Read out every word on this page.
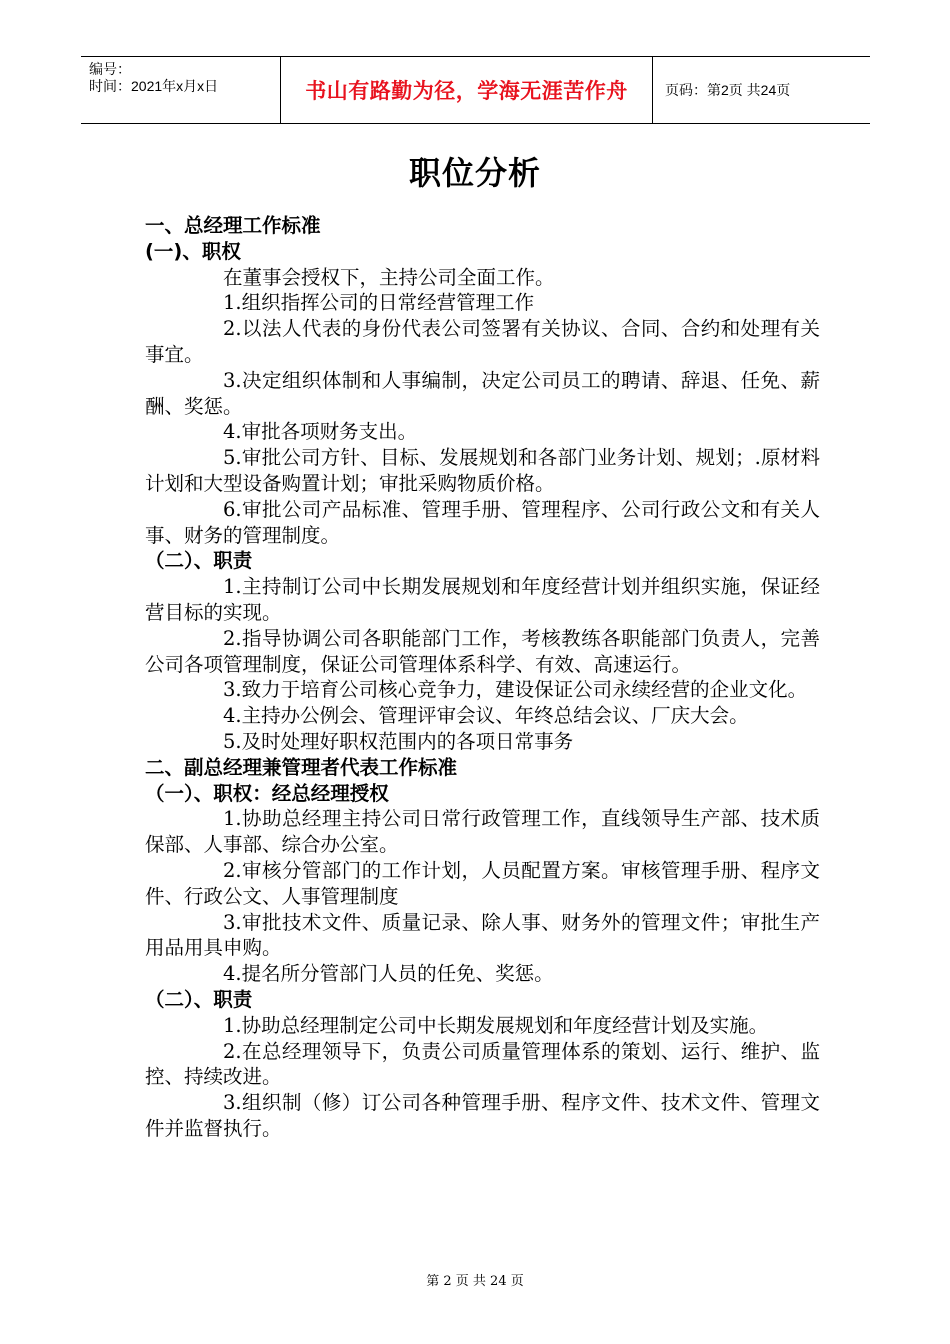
编号：
时间：2021年x月x日	书山有路勤为径，学海无涯苦作舟	页码：第2页 共24页
职位分析

一、总经理工作标准

(一)、职权

在董事会授权下，主持公司全面工作。

1.组织指挥公司的日常经营管理工作

2.以法人代表的身份代表公司签署有关协议、合同、合约和处理有关事宜。

3.决定组织体制和人事编制，决定公司员工的聘请、辞退、任免、薪酬、奖惩。

4.审批各项财务支出。

5.审批公司方针、目标、发展规划和各部门业务计划、规划；.原材料计划和大型设备购置计划；审批采购物质价格。

6.审批公司产品标准、管理手册、管理程序、公司行政公文和有关人事、财务的管理制度。

（二）、职责

1.主持制订公司中长期发展规划和年度经营计划并组织实施，保证经营目标的实现。

2.指导协调公司各职能部门工作，考核教练各职能部门负责人，完善公司各项管理制度，保证公司管理体系科学、有效、高速运行。

3.致力于培育公司核心竞争力，建设保证公司永续经营的企业文化。

4.主持办公例会、管理评审会议、年终总结会议、厂庆大会。

5.及时处理好职权范围内的各项日常事务

二、副总经理兼管理者代表工作标准

（一）、职权：经总经理授权

1.协助总经理主持公司日常行政管理工作，直线领导生产部、技术质保部、人事部、综合办公室。

2.审核分管部门的工作计划，人员配置方案。审核管理手册、程序文件、行政公文、人事管理制度

3.审批技术文件、质量记录、除人事、财务外的管理文件；审批生产用品用具申购。

4.提名所分管部门人员的任免、奖惩。

（二）、职责

1.协助总经理制定公司中长期发展规划和年度经营计划及实施。

2.在总经理领导下，负责公司质量管理体系的策划、运行、维护、监控、持续改进。

3.组织制（修）订公司各种管理手册、程序文件、技术文件、管理文件并监督执行。

第 2 页 共 24 页
